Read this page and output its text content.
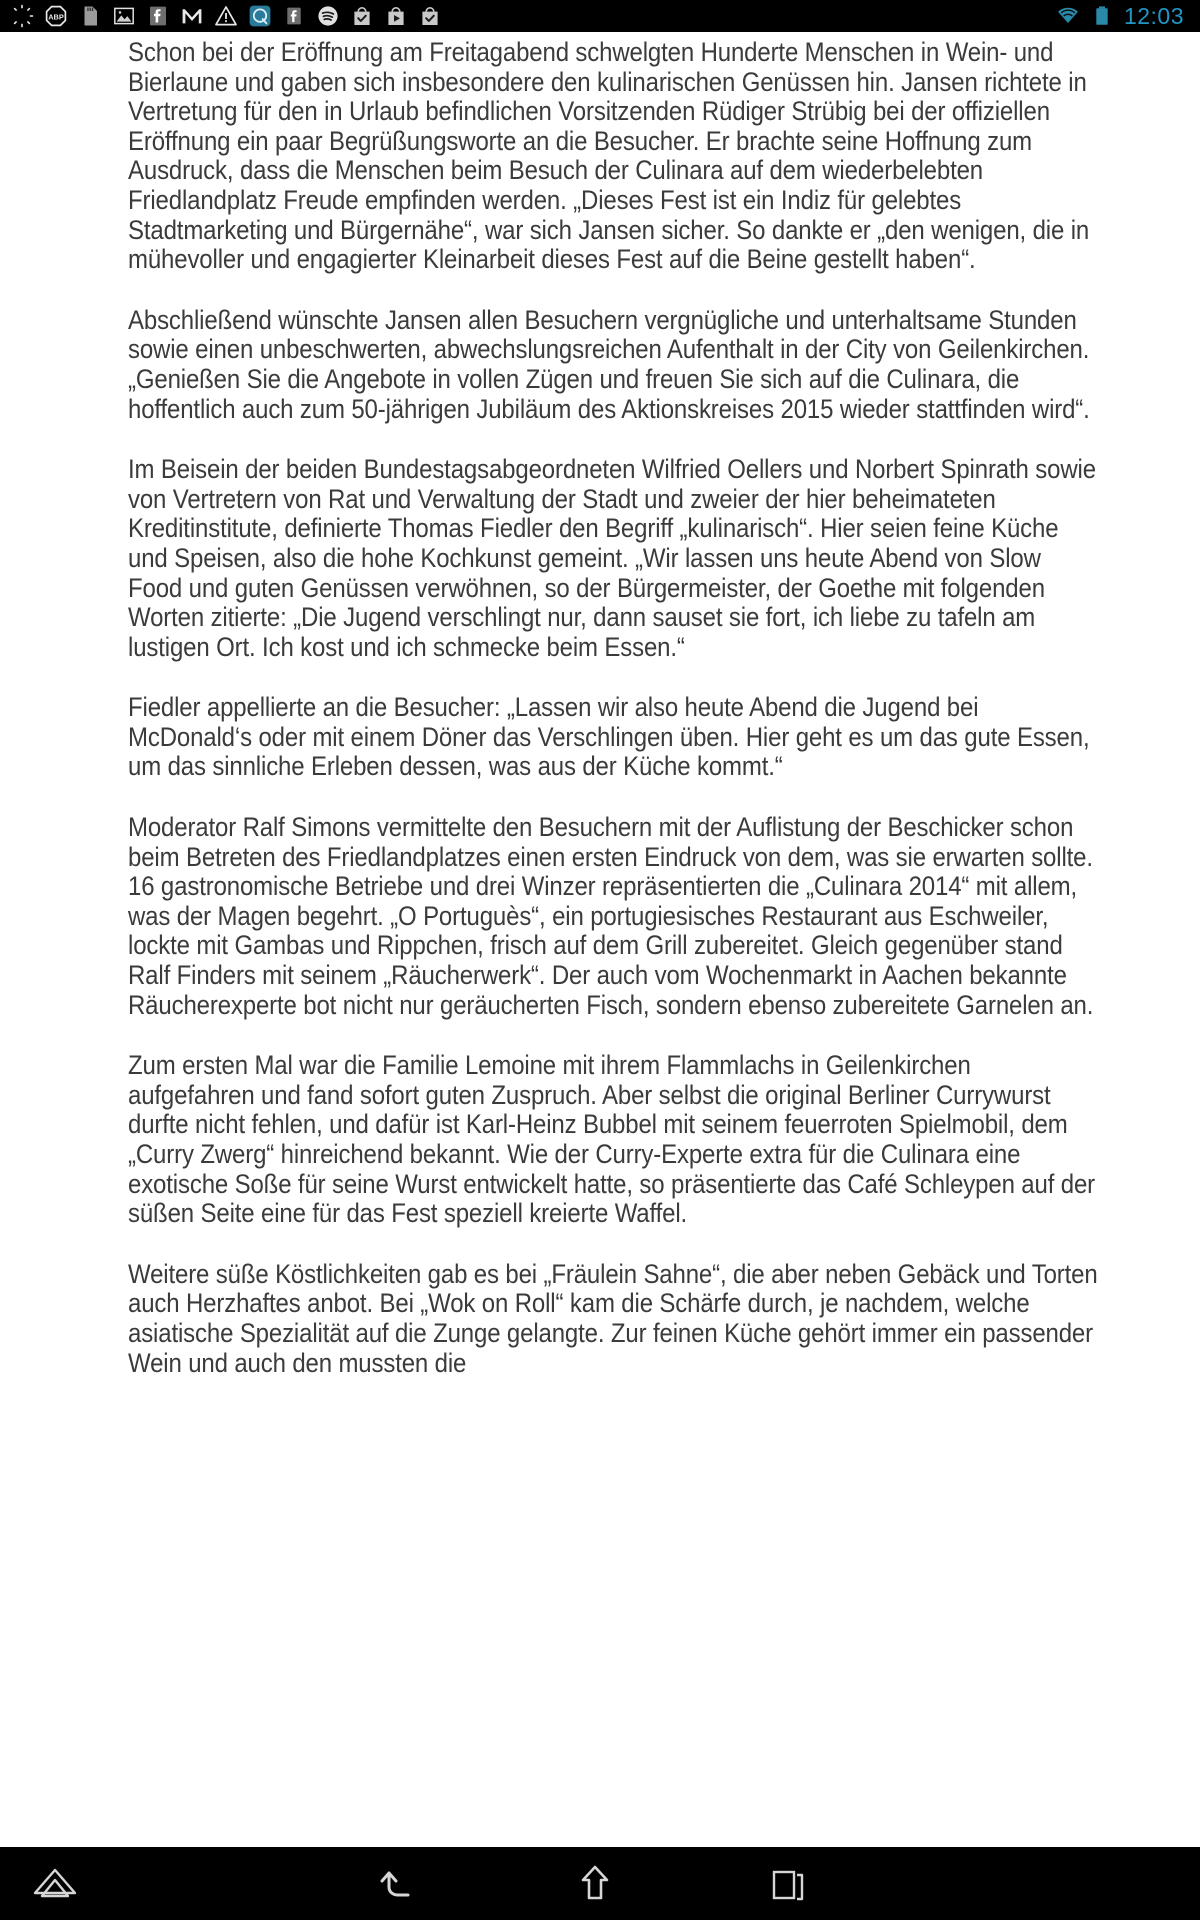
ABP	12:03

Schon bei der Eröffnung am Freitagabend schwelgten Hunderte Menschen in Wein- und Bierlaune und gaben sich insbesondere den kulinarischen Genüssen hin. Jansen richtete in Vertretung für den in Urlaub befindlichen Vorsitzenden Rüdiger Strübig bei der offiziellen Eröffnung ein paar Begrüßungsworte an die Besucher. Er brachte seine Hoffnung zum Ausdruck, dass die Menschen beim Besuch der Culinara auf dem wiederbelebten Friedlandplatz Freude empfinden werden. „Dieses Fest ist ein Indiz für gelebtes Stadtmarketing und Bürgernähe“, war sich Jansen sicher. So dankte er „den wenigen, die in mühevoller und engagierter Kleinarbeit dieses Fest auf die Beine gestellt haben“.

Abschließend wünschte Jansen allen Besuchern vergnügliche und unterhaltsame Stunden sowie einen unbeschwerten, abwechslungsreichen Aufenthalt in der City von Geilenkirchen. „Genießen Sie die Angebote in vollen Zügen und freuen Sie sich auf die Culinara, die hoffentlich auch zum 50-jährigen Jubiläum des Aktionskreises 2015 wieder stattfinden wird“.

Im Beisein der beiden Bundestagsabgeordneten Wilfried Oellers und Norbert Spinrath sowie von Vertretern von Rat und Verwaltung der Stadt und zweier der hier beheimateten Kreditinstitute, definierte Thomas Fiedler den Begriff „kulinarisch“. Hier seien feine Küche und Speisen, also die hohe Kochkunst gemeint. „Wir lassen uns heute Abend von Slow Food und guten Genüssen verwöhnen, so der Bürgermeister, der Goethe mit folgenden Worten zitierte: „Die Jugend verschlingt nur, dann sauset sie fort, ich liebe zu tafeln am lustigen Ort. Ich kost und ich schmecke beim Essen.“

Fiedler appellierte an die Besucher: „Lassen wir also heute Abend die Jugend bei McDonald‘s oder mit einem Döner das Verschlingen üben. Hier geht es um das gute Essen, um das sinnliche Erleben dessen, was aus der Küche kommt.“

Moderator Ralf Simons vermittelte den Besuchern mit der Auflistung der Beschicker schon beim Betreten des Friedlandplatzes einen ersten Eindruck von dem, was sie erwarten sollte. 16 gastronomische Betriebe und drei Winzer repräsentierten die „Culinara 2014“ mit allem, was der Magen begehrt. „O Portuguès“, ein portugiesisches Restaurant aus Eschweiler, lockte mit Gambas und Rippchen, frisch auf dem Grill zubereitet. Gleich gegenüber stand Ralf Finders mit seinem „Räucherwerk“. Der auch vom Wochenmarkt in Aachen bekannte Räucherexperte bot nicht nur geräucherten Fisch, sondern ebenso zubereitete Garnelen an.

Zum ersten Mal war die Familie Lemoine mit ihrem Flammlachs in Geilenkirchen aufgefahren und fand sofort guten Zuspruch. Aber selbst die original Berliner Currywurst durfte nicht fehlen, und dafür ist Karl-Heinz Bubbel mit seinem feuerroten Spielmobil, dem „Curry Zwerg“ hinreichend bekannt. Wie der Curry-Experte extra für die Culinara eine exotische Soße für seine Wurst entwickelt hatte, so präsentierte das Café Schleypen auf der süßen Seite eine für das Fest speziell kreierte Waffel.

Weitere süße Köstlichkeiten gab es bei „Fräulein Sahne“, die aber neben Gebäck und Torten auch Herzhaftes anbot. Bei „Wok on Roll“ kam die Schärfe durch, je nachdem, welche asiatische Spezialität auf die Zunge gelangte. Zur feinen Küche gehört immer ein passender Wein und auch den mussten die
